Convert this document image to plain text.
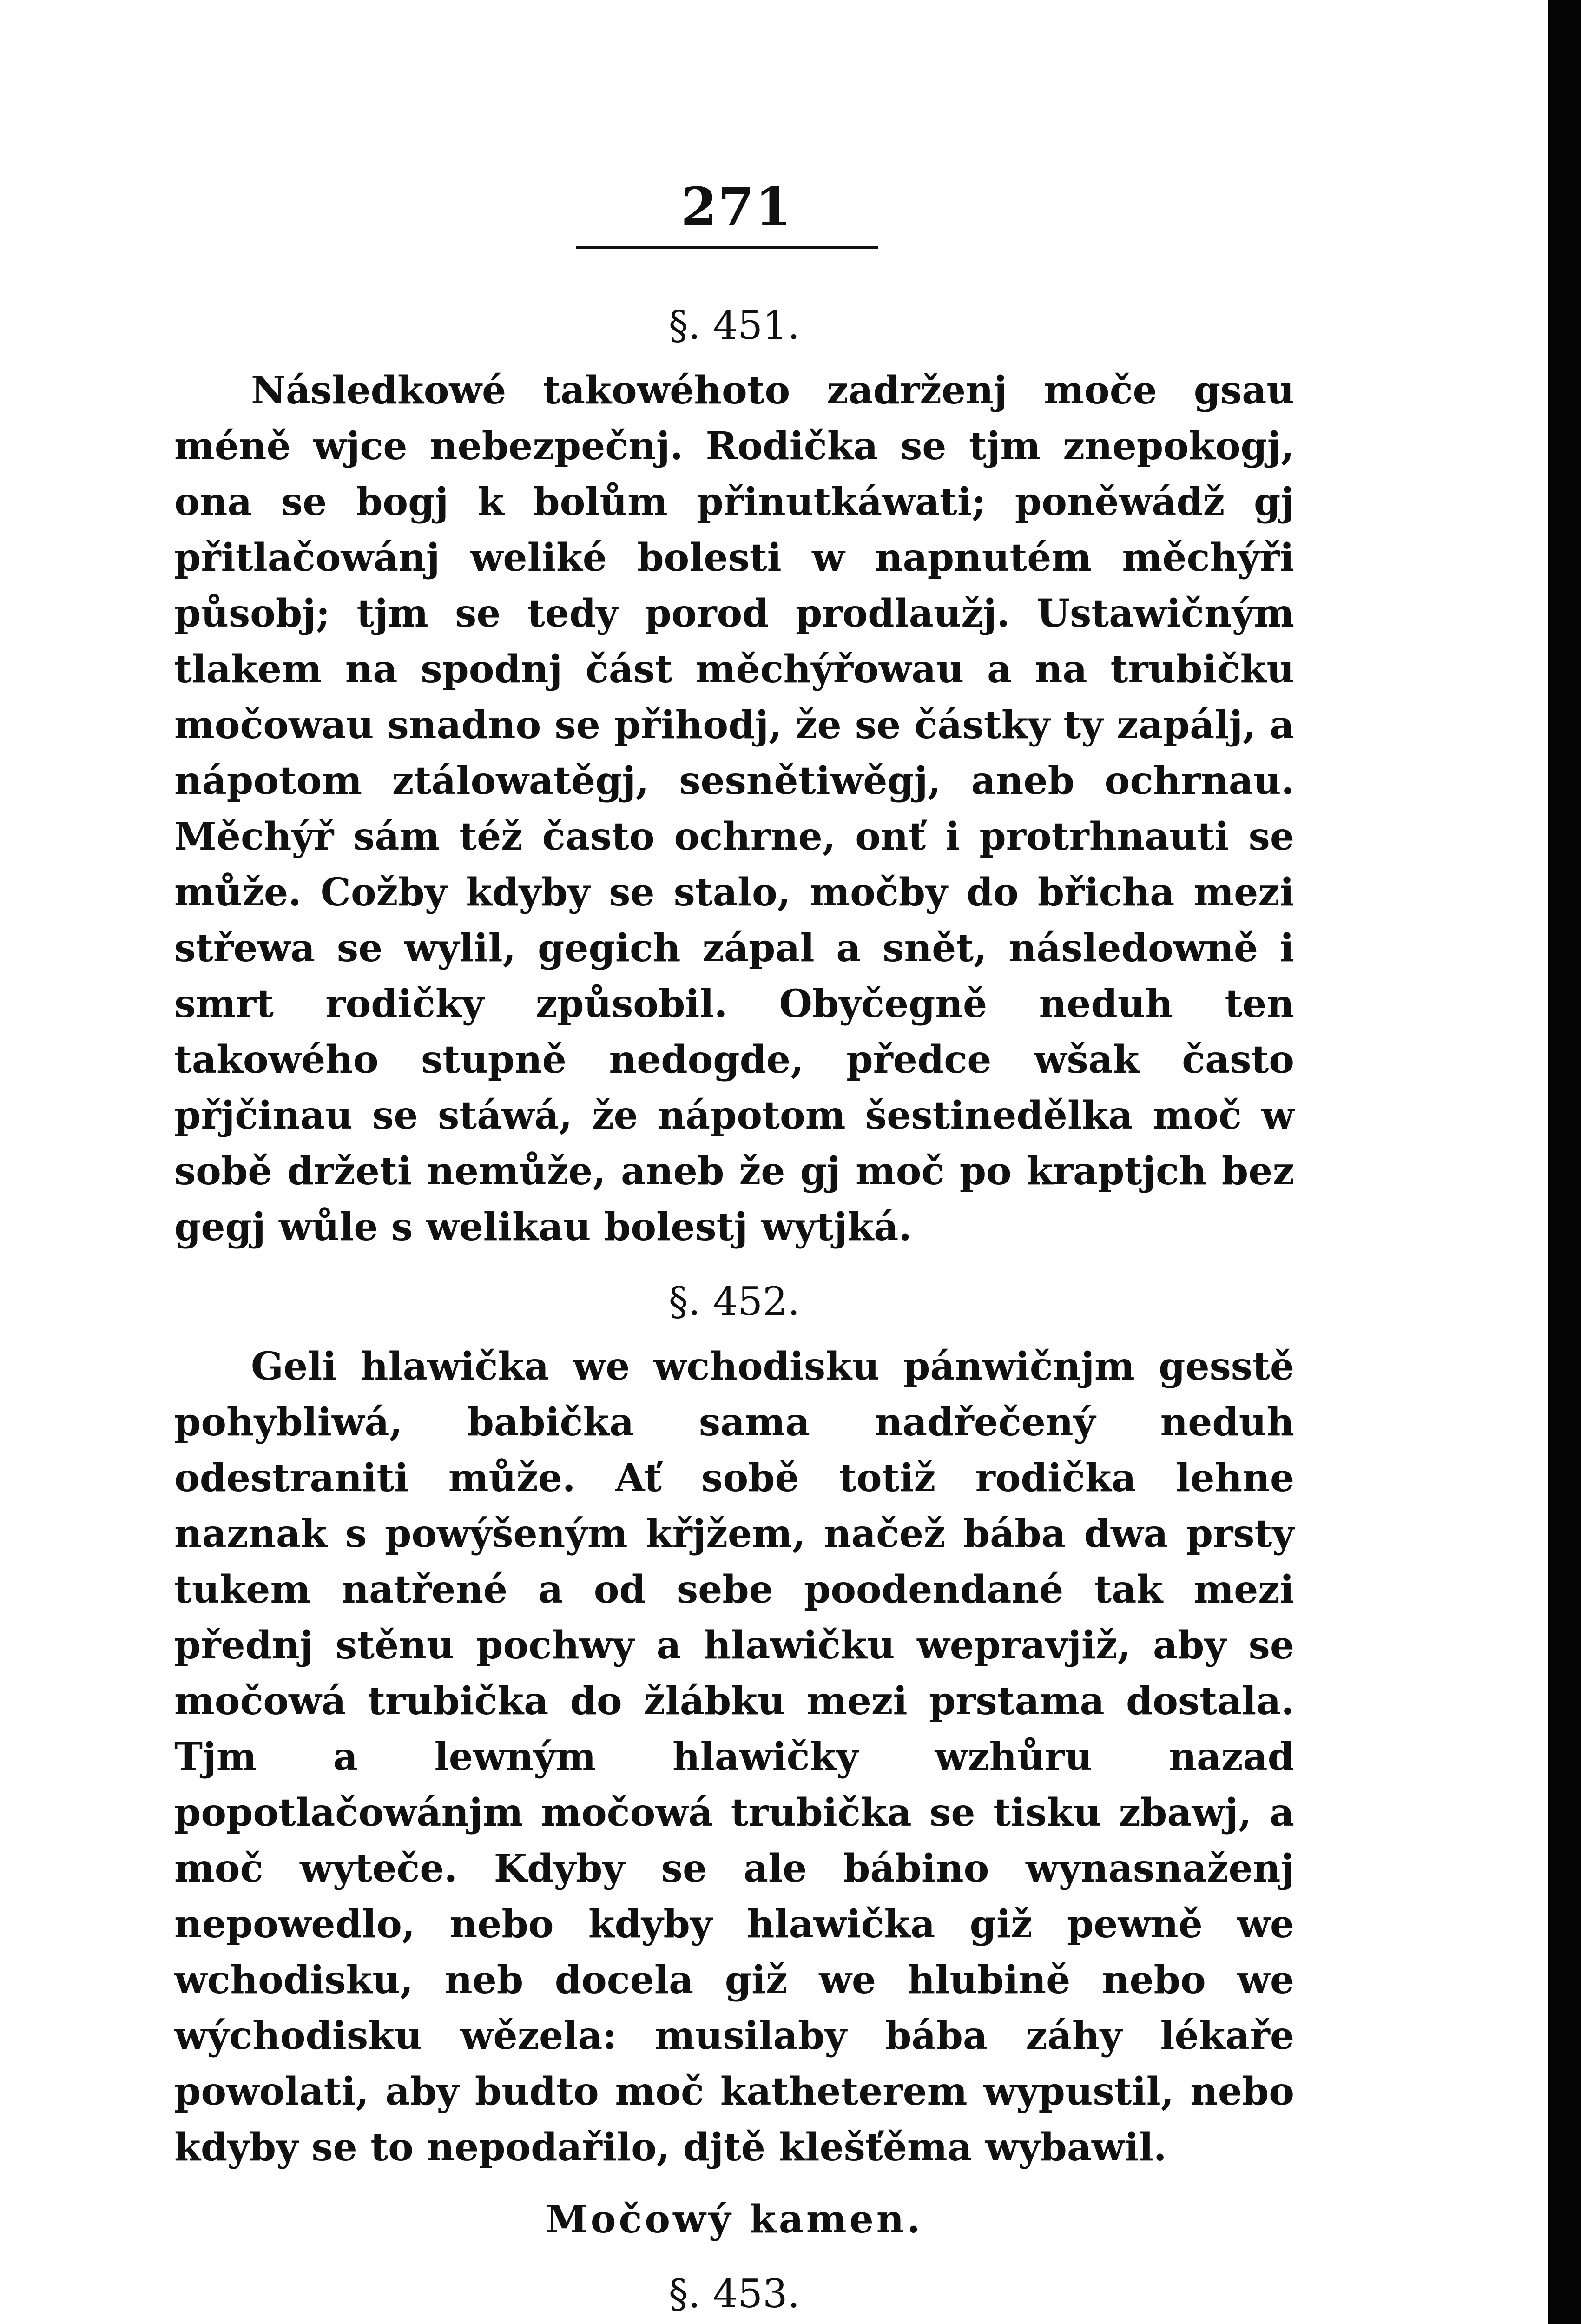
271
§. 451.

Následkowé takowéhoto zadrženj moče gsau méně wjce nebezpečnj. Rodička se tjm znepokogj, ona se bogj k bolům přinutkáwati; poněwádž gj přitlačowánj weliké bolesti w napnutém měchýři působj; tjm se tedy porod prodlaužj. Ustawičným tlakem na spodnj část měchýřowau a na trubičku močowau snadno se přihodj, že se částky ty zapálj, a nápotom ztálowatěgj, sesnětiwěgj, aneb ochrnau. Měchýř sám též často ochrne, onť i protrhnauti se může. Cožby kdyby se stalo, močby do břicha mezi střewa se wylil, gegich zápal a snět, následowně i smrt rodičky způsobil. Obyčegně neduh ten takowého stupně nedogde, předce wšak často přjčinau se stáwá, že nápotom šestinedělka moč w sobě držeti nemůže, aneb že gj moč po kraptjch bez gegj wůle s welikau bolestj wytjká.

§. 452.

Geli hlawička we wchodisku pánwičnjm gesstě pohybliwá, babička sama nadřečený neduh odestraniti může. Ať sobě totiž rodička lehne naznak s powýšeným křjžem, načež bába dwa prsty tukem natřené a od sebe poodendané tak mezi přednj stěnu pochwy a hlawičku wepravjiž, aby se močowá trubička do žlábku mezi prstama dostala. Tjm a lewným hlawičky wzhůru nazad popotlačowánjm močowá trubička se tisku zbawj, a moč wyteče. Kdyby se ale bábino wynasnaženj nepowedlo, nebo kdyby hlawička giž pewně we wchodisku, neb docela giž we hlubině nebo we wýchodisku wězela: musilaby bába záhy lékaře powolati, aby budto moč katheterem wypustil, nebo kdyby se to nepodařilo, djtě klešťěma wybawil.

Močowý kamen.
§. 453.
